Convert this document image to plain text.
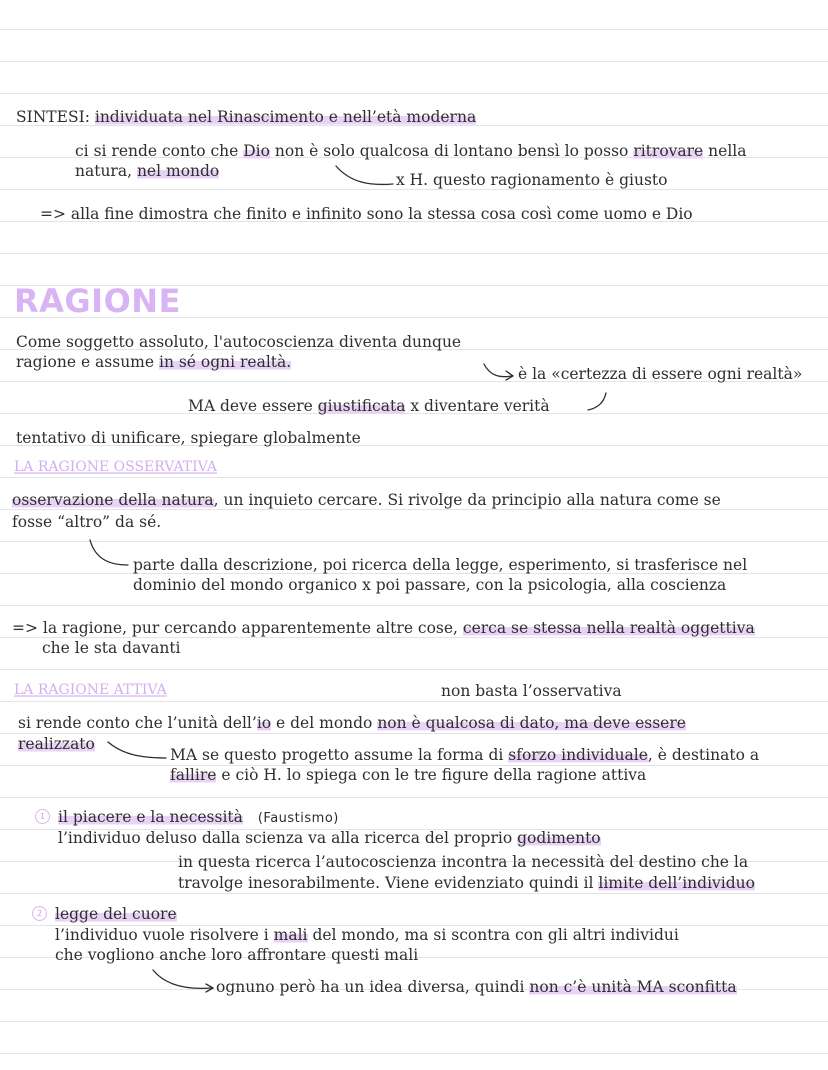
SINTESI: individuata nel Rinascimento e nell’età moderna
ci si rende conto che Dio non è solo qualcosa di lontano bensì lo posso ritrovare nella
natura, nel mondo	x H. questo ragionamento è giusto
=> alla fine dimostra che finito e infinito sono la stessa cosa così come uomo e Dio
RAGIONE
Come soggetto assoluto, l'autocoscienza diventa dunque
ragione e assume in sé ogni realtà.
è la «certezza di essere ogni realtà»
MA deve essere giustificata x diventare verità
tentativo di unificare, spiegare globalmente
LA RAGIONE OSSERVATIVA
osservazione della natura, un inquieto cercare. Si rivolge da principio alla natura come se
fosse “altro” da sé.
parte dalla descrizione, poi ricerca della legge, esperimento, si trasferisce nel
dominio del mondo organico x poi passare, con la psicologia, alla coscienza
=> la ragione, pur cercando apparentemente altre cose, cerca se stessa nella realtà oggettiva
che le sta davanti
LA RAGIONE ATTIVA	non basta l’osservativa
si rende conto che l’unità dell’io e del mondo non è qualcosa di dato, ma deve essere
realizzato
MA se questo progetto assume la forma di sforzo individuale, è destinato a
fallire e ciò H. lo spiega con le tre figure della ragione attiva
1 il piacere e la necessità (Faustismo)
l’individuo deluso dalla scienza va alla ricerca del proprio godimento
in questa ricerca l’autocoscienza incontra la necessità del destino che la
travolge inesorabilmente. Viene evidenziato quindi il limite dell’individuo
2 legge del cuore
l’individuo vuole risolvere i mali del mondo, ma si scontra con gli altri individui
che vogliono anche loro affrontare questi mali
ognuno però ha un idea diversa, quindi non c’è unità MA sconfitta
